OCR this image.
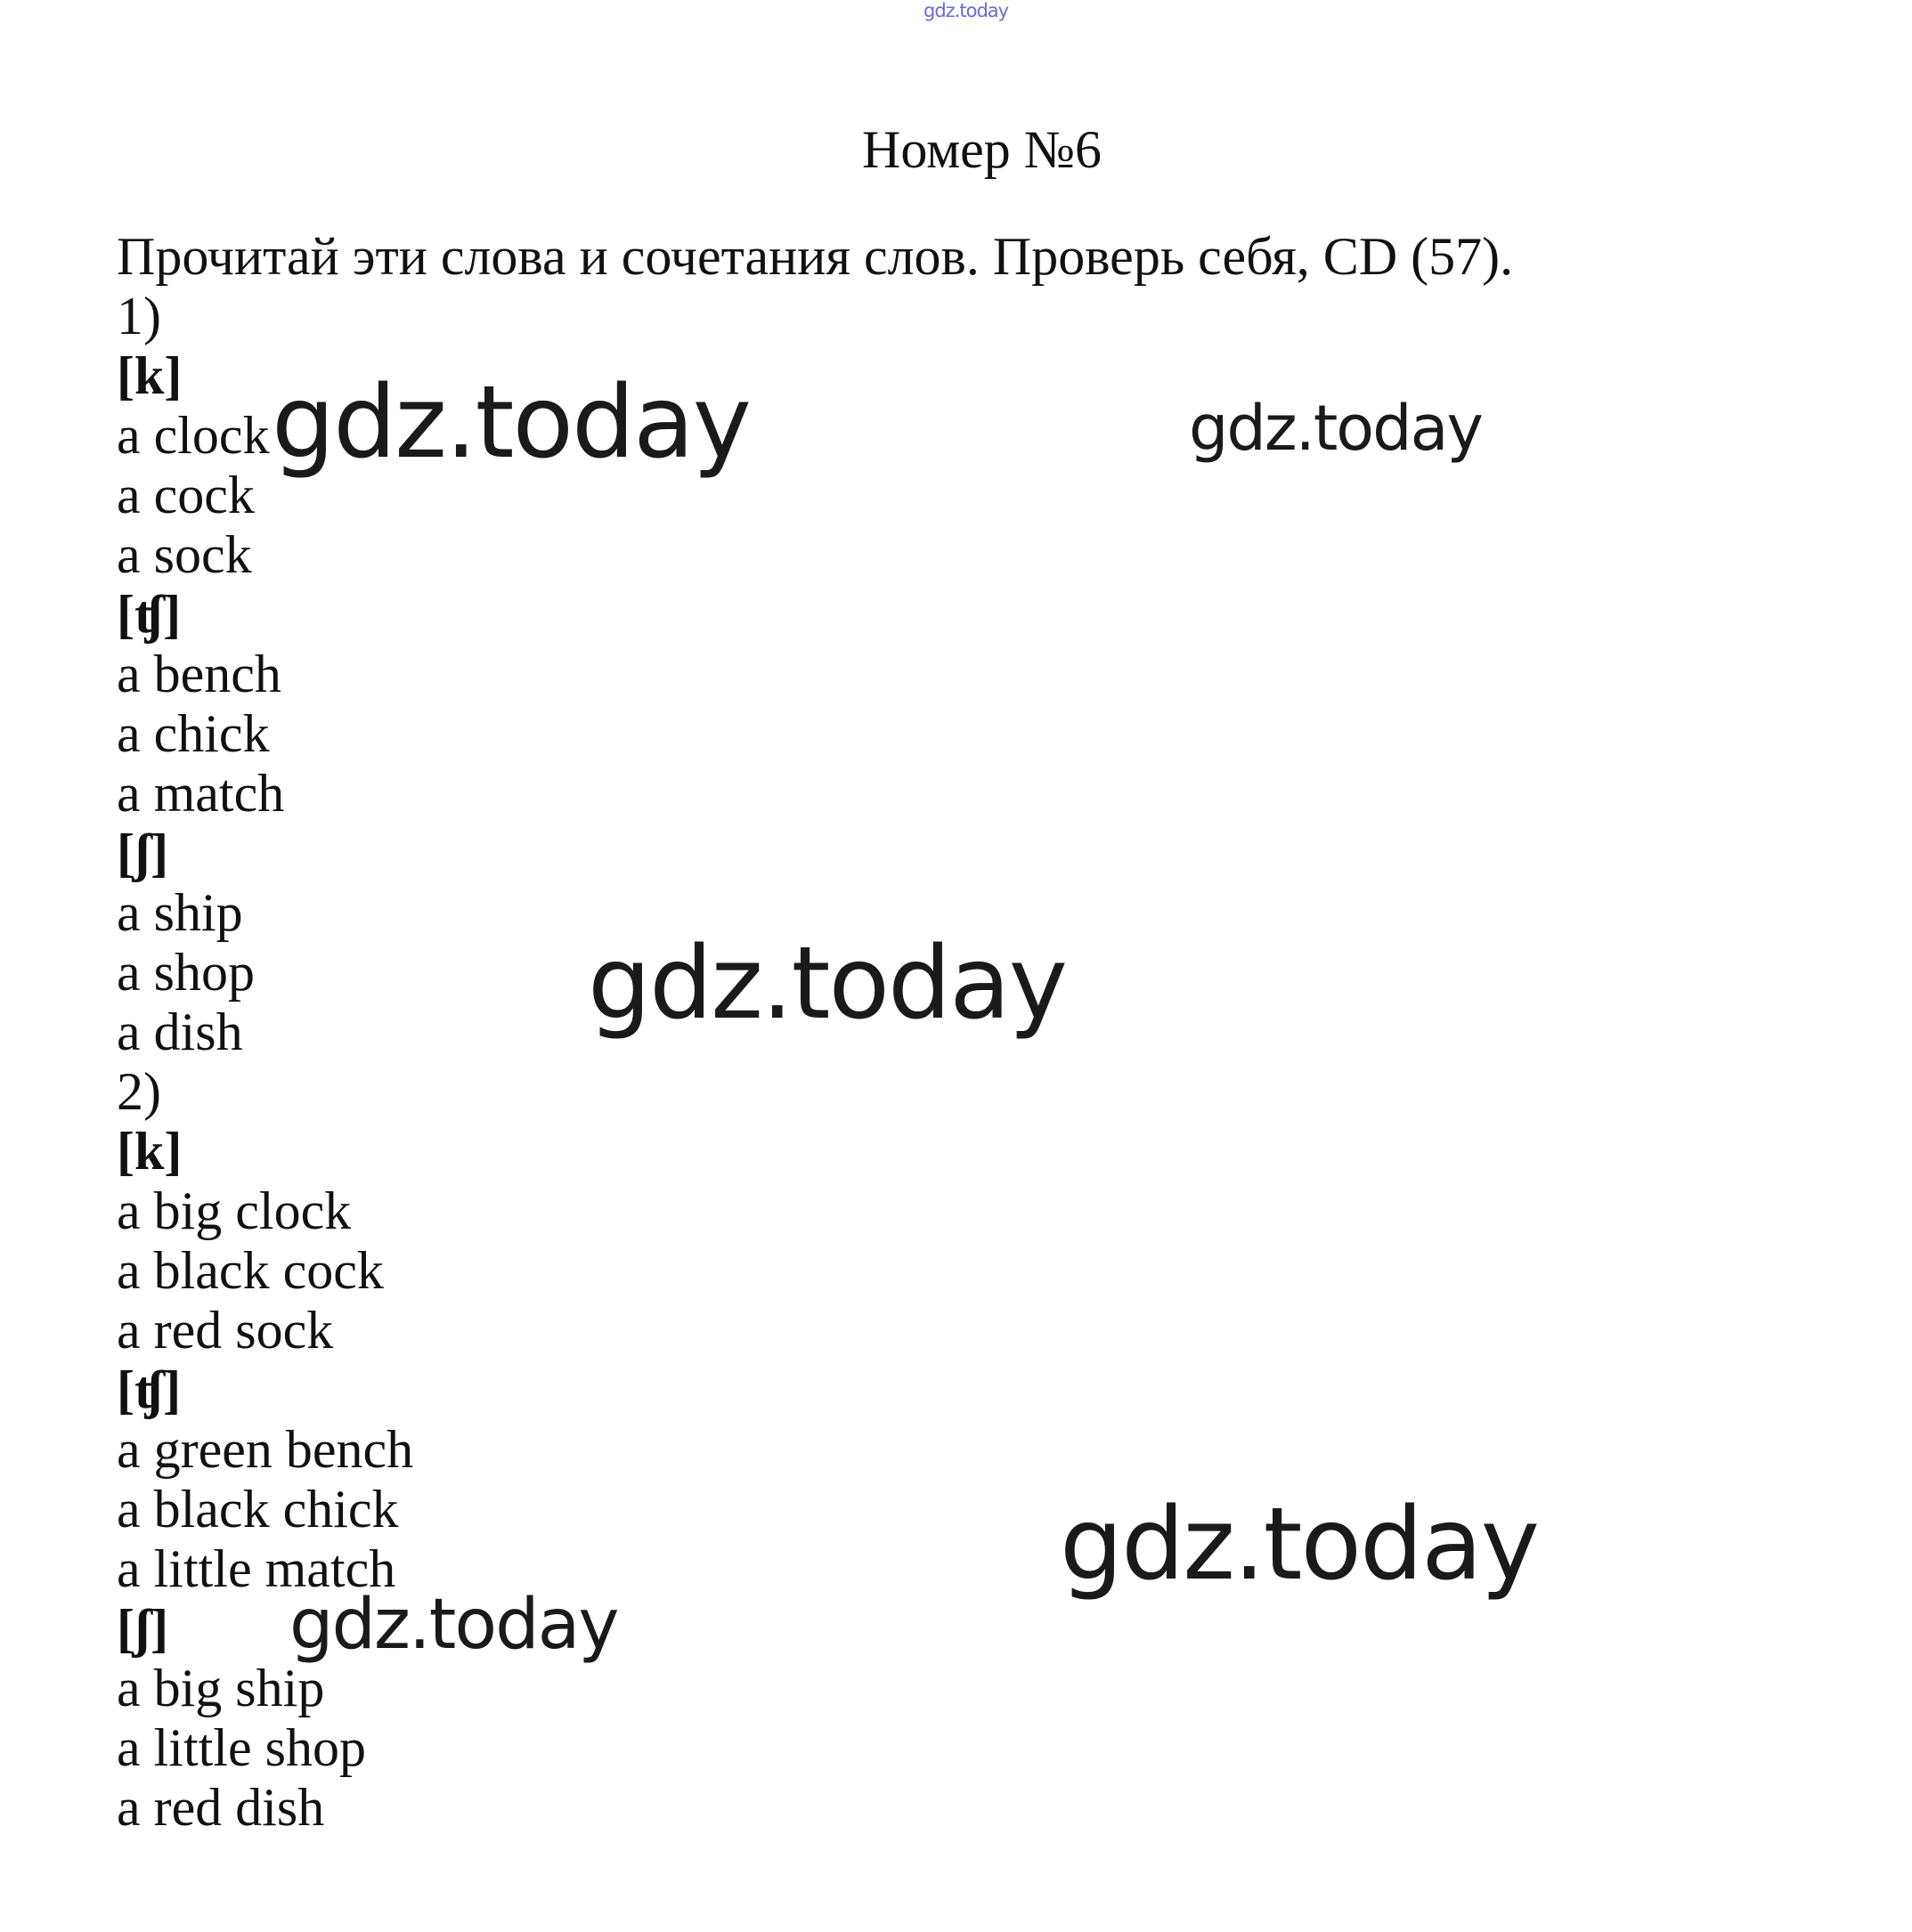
gdz.today
Номер №6
Прочитай эти слова и сочетания слов. Проверь себя, CD (57).
1)
[k]
a clock
a cock
a sock
[ʧ]
a bench
a chick
a match
[ʃ]
a ship
a shop
a dish
2)
[k]
a big clock
a black cock
a red sock
[ʧ]
a green bench
a black chick
a little match
[ʃ]
a big ship
a little shop
a red dish
gdz.today	gdz.today
gdz.today
gdz.today
gdz.today
